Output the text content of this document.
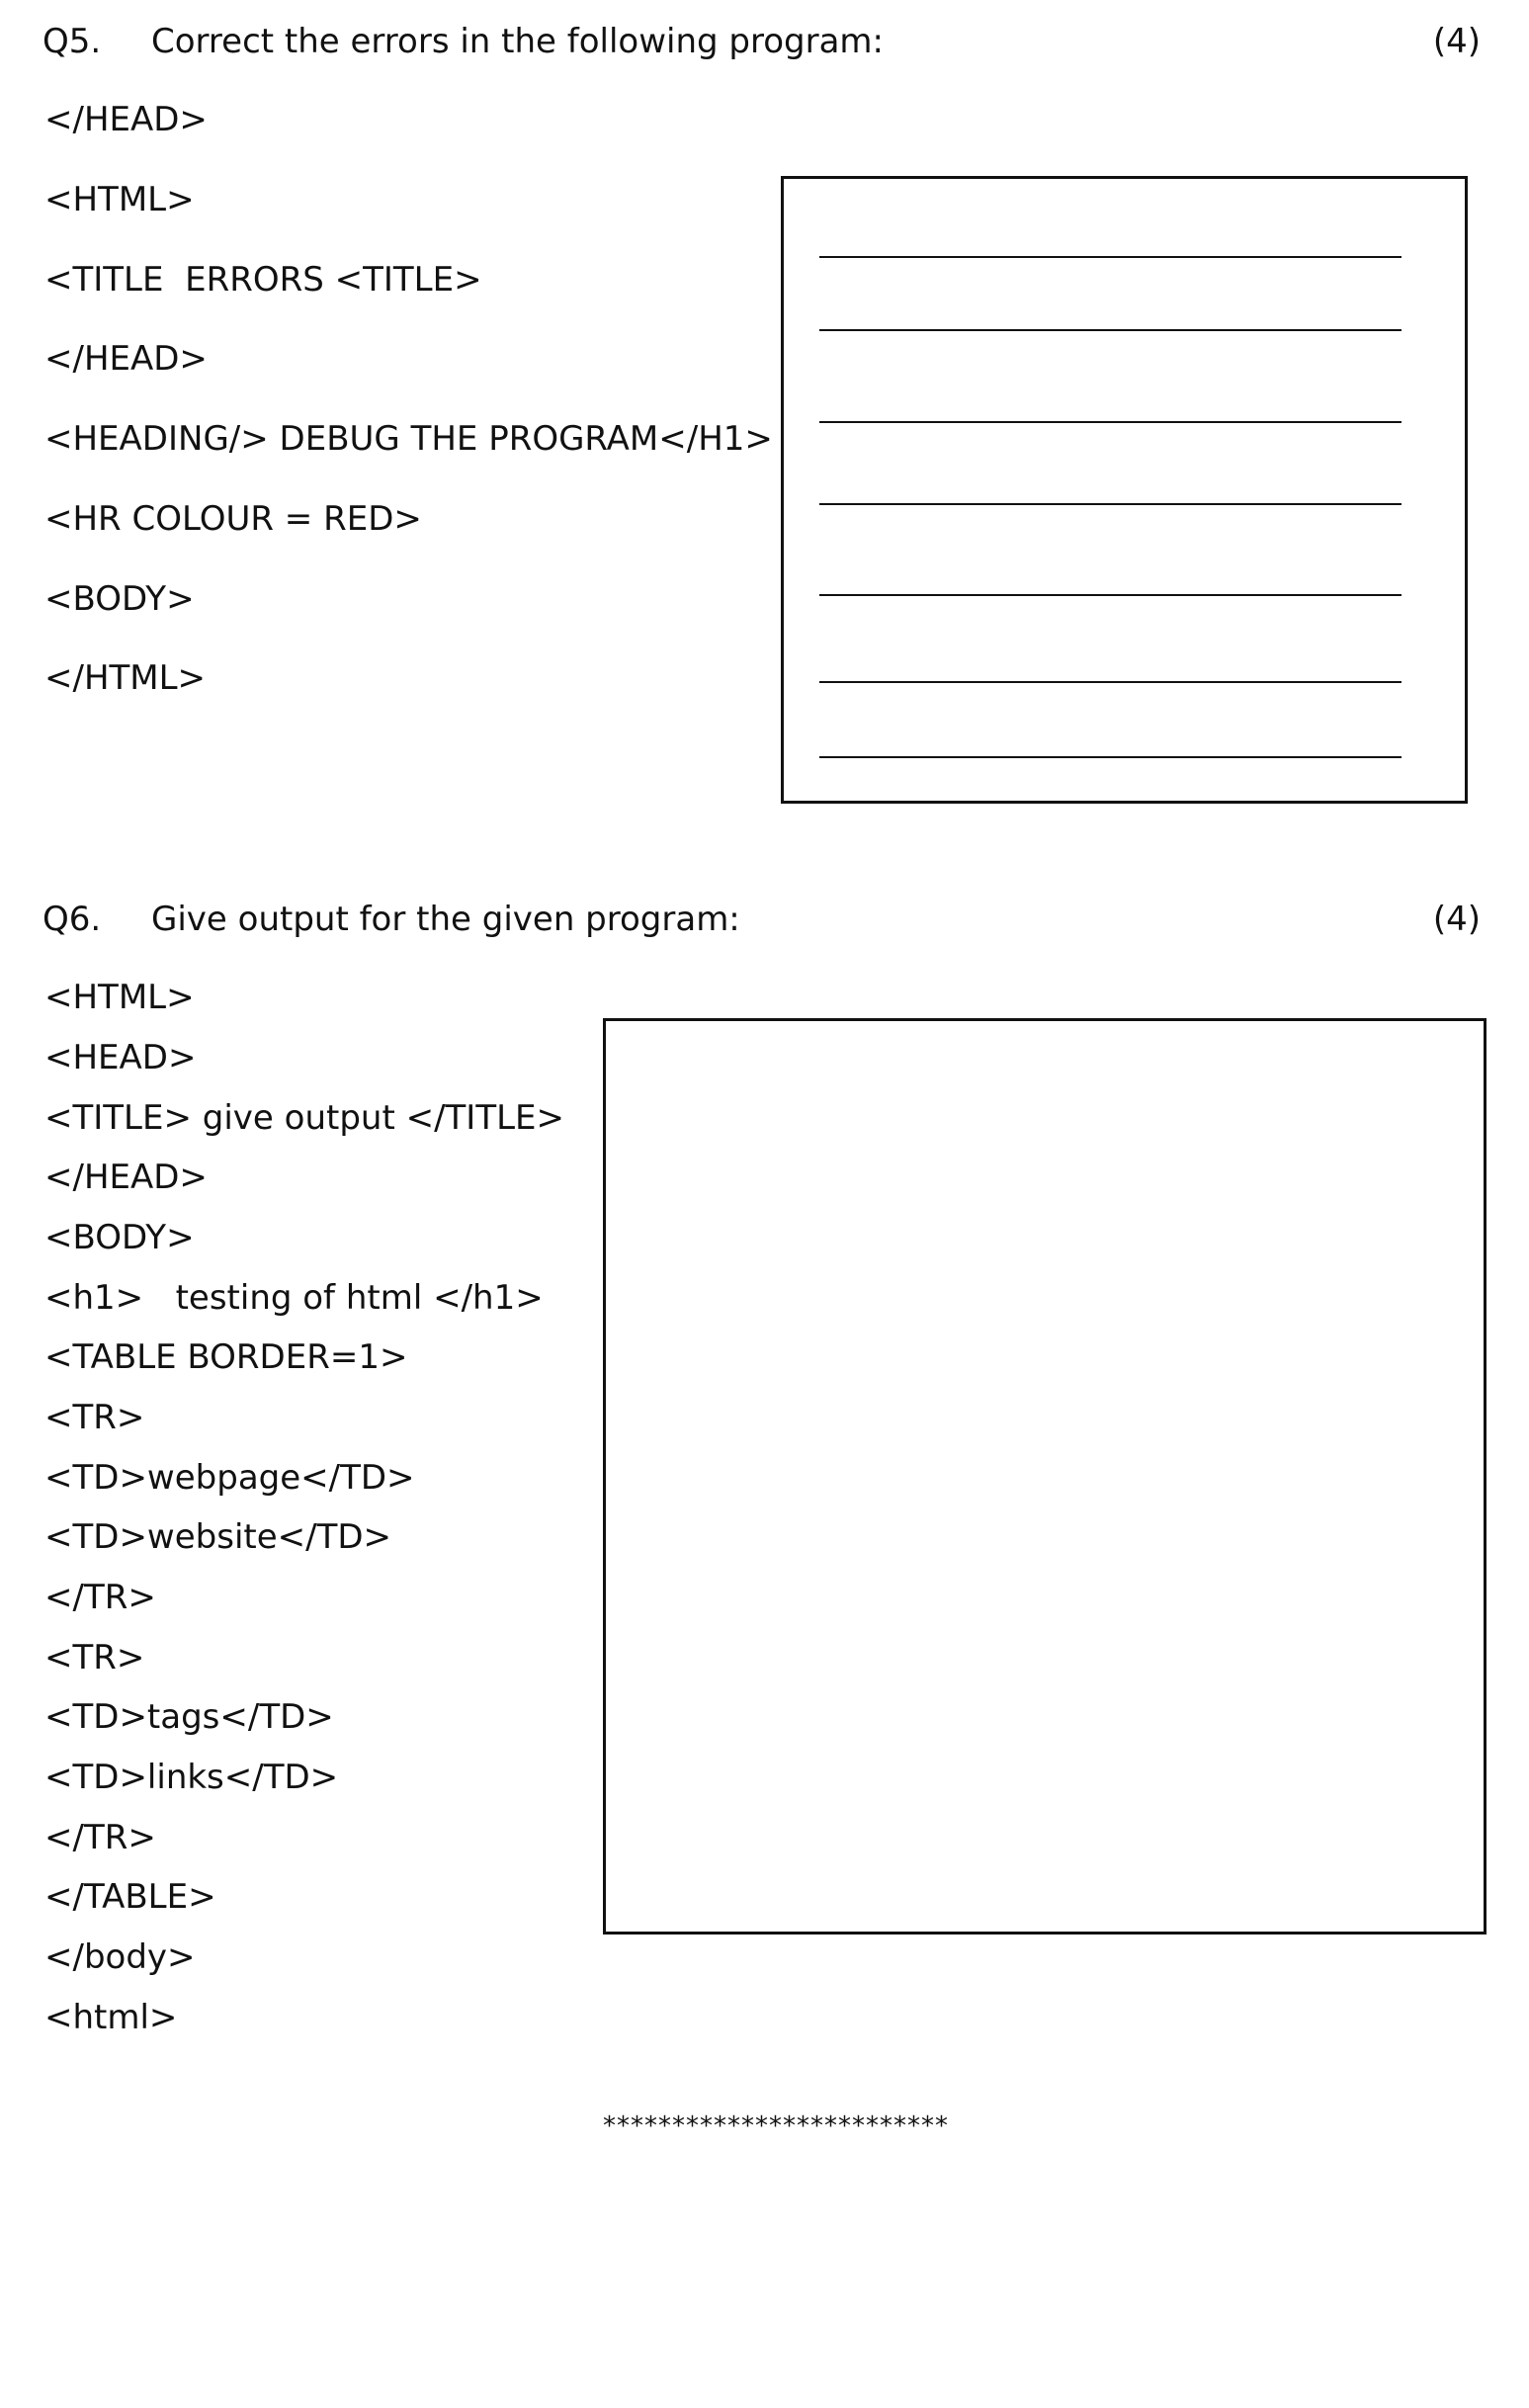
Q5. Correct the errors in the following program:	(4)
</HEAD>
<HTML>
<TITLE  ERRORS <TITLE>
</HEAD>
<HEADING/> DEBUG THE PROGRAM</H1>
<HR COLOUR = RED>
<BODY>
</HTML>
Q6. Give output for the given program:	(4)
<HTML>
<HEAD>
<TITLE> give output </TITLE>
</HEAD>
<BODY>
<h1>   testing of html </h1>
<TABLE BORDER=1>
<TR>
<TD>webpage</TD>
<TD>website</TD>
</TR>
<TR>
<TD>tags</TD>
<TD>links</TD>
</TR>
</TABLE>
</body>
<html>
*************************
